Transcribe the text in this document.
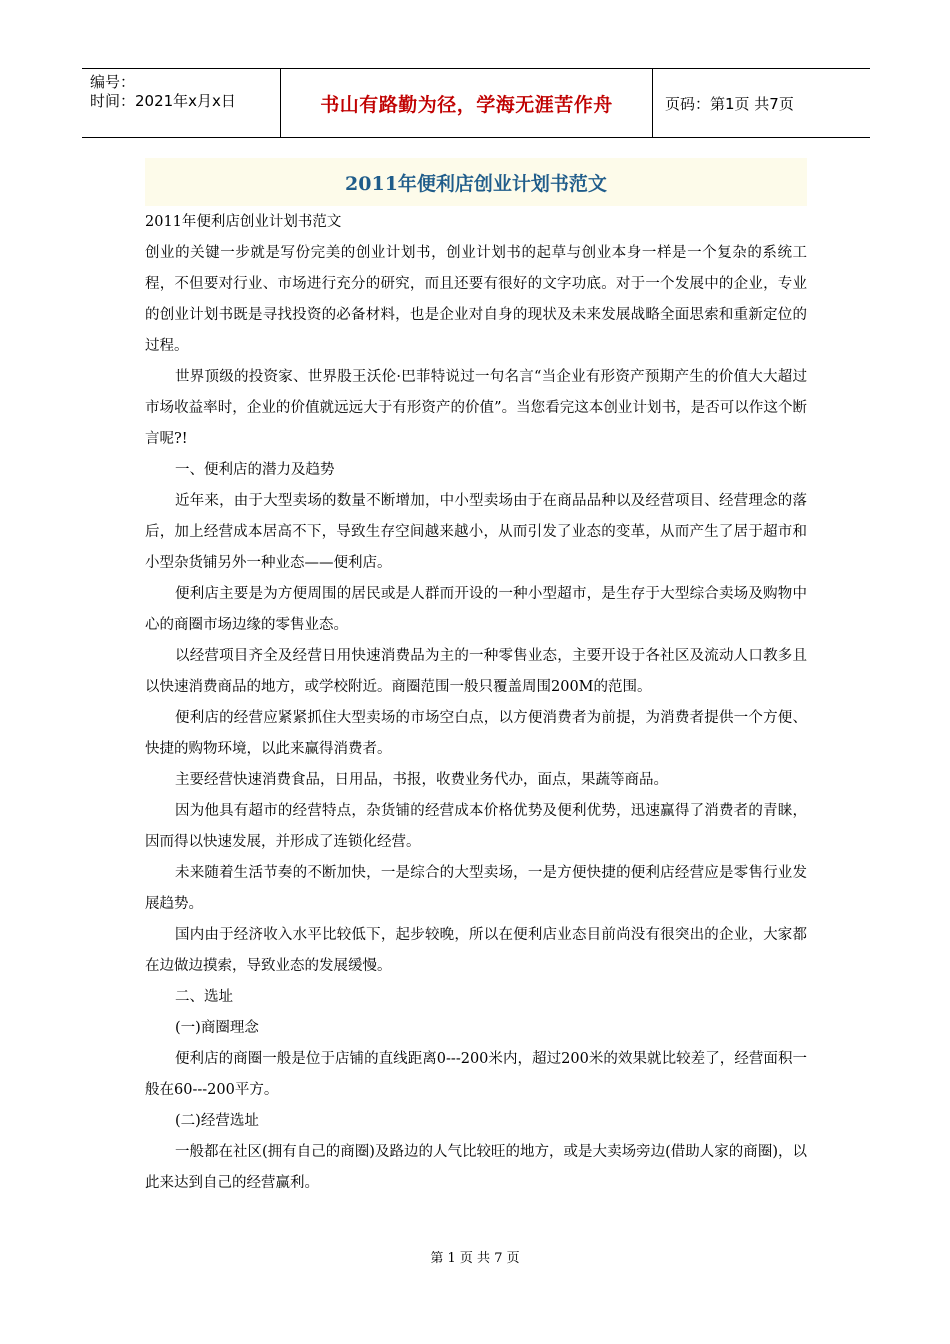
编号：
时间：2021年x月x日	书山有路勤为径，学海无涯苦作舟	页码：第1页 共7页
2011年便利店创业计划书范文

2011年便利店创业计划书范文

创业的关键一步就是写份完美的创业计划书，创业计划书的起草与创业本身一样是一个复杂的系统工程，不但要对行业、市场进行充分的研究，而且还要有很好的文字功底。对于一个发展中的企业，专业的创业计划书既是寻找投资的必备材料，也是企业对自身的现状及未来发展战略全面思索和重新定位的过程。

世界顶级的投资家、世界股王沃伦·巴菲特说过一句名言“当企业有形资产预期产生的价值大大超过市场收益率时，企业的价值就远远大于有形资产的价值”。当您看完这本创业计划书，是否可以作这个断言呢?!

一、便利店的潜力及趋势

近年来，由于大型卖场的数量不断增加，中小型卖场由于在商品品种以及经营项目、经营理念的落后，加上经营成本居高不下，导致生存空间越来越小，从而引发了业态的变革，从而产生了居于超市和小型杂货铺另外一种业态——便利店。

便利店主要是为方便周围的居民或是人群而开设的一种小型超市，是生存于大型综合卖场及购物中心的商圈市场边缘的零售业态。

以经营项目齐全及经营日用快速消费品为主的一种零售业态，主要开设于各社区及流动人口教多且以快速消费商品的地方，或学校附近。商圈范围一般只覆盖周围200M的范围。

便利店的经营应紧紧抓住大型卖场的市场空白点，以方便消费者为前提，为消费者提供一个方便、快捷的购物环境，以此来赢得消费者。

主要经营快速消费食品，日用品，书报，收费业务代办，面点，果蔬等商品。

因为他具有超市的经营特点，杂货铺的经营成本价格优势及便利优势，迅速赢得了消费者的青睐，因而得以快速发展，并形成了连锁化经营。

未来随着生活节奏的不断加快，一是综合的大型卖场，一是方便快捷的便利店经营应是零售行业发展趋势。

国内由于经济收入水平比较低下，起步较晚，所以在便利店业态目前尚没有很突出的企业，大家都在边做边摸索，导致业态的发展缓慢。

二、选址

(一)商圈理念

便利店的商圈一般是位于店铺的直线距离0---200米内，超过200米的效果就比较差了，经营面积一般在60---200平方。

(二)经营选址

一般都在社区(拥有自己的商圈)及路边的人气比较旺的地方，或是大卖场旁边(借助人家的商圈)，以此来达到自己的经营赢利。

第 1 页 共 7 页
